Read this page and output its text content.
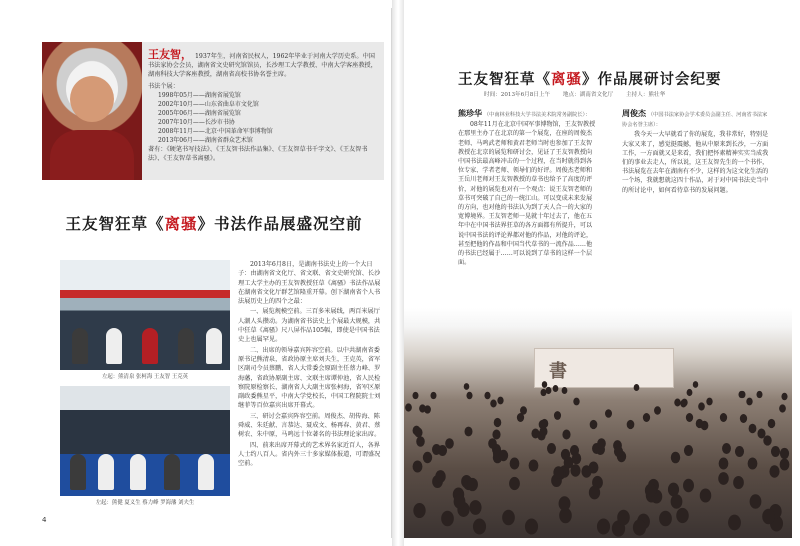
王友智， 1937年生，河南省民权人，1962年毕业于河南大学历史系。中国书法家协会会员，湖南省文史研究馆馆员，长沙理工大学教授、中南大学客座教授，湖南科技大学客座教授，湖南省高校书协名誉主席。
书法个展：
1998年05月——湖南省展览馆
2002年10月——山东省曲阜市文化馆
2005年06月——湖南省展览馆
2007年10月——长沙市书协
2008年11月——北京·中国革命军事博物馆
2013年06月——湖南省群众艺术馆
著有：《硬笔书写技法》、《王友智书法作品集》、《王友智草书千字文》、《王友智书法》、《王友智草书离骚》。
王友智狂草《离骚》书法作品展盛况空前
左起：熊清泉 张柯海 王友智 王克英
左起：熊健 夏义生 蔡力峰 罗海藩 刘夫生

2013年6月8日，是湖南书法史上的一个大日子：由湖南省文化厅、省文联、省文史研究馆、长沙理工大学主办的王友智教授狂草《离骚》书法作品展在湖南省文化厅群艺馆隆重开幕。创下湖南省个人书法展历史上的四个之最：

一、展览规模空前。三百多米展线，两百米展厅人潮人头攒动。为湖南省书法史上个展最大规模，共中狂草《离骚》尺八屏作品105幅，即使是中国书法史上也属罕见。

二、出席的领导嘉宾阵容空前。以中共湖南省委原书记熊清泉，省政协原主席刘夫生，王克英，省军区副司令员蔡鹏、省人大常委会原副主任蔡力峰、罗海藩，省政协原副主席、文联主席谭仲池，省人民检察院原检察长、湖南省人大副主席张柯海，省军区原副政委熊星平，中南大学党校长，中国工程院院士刘继菲等百位嘉宾出席开幕式。

三、研讨会嘉宾阵容空前。周俊杰、胡传海、陈舜威、朱廷献、言恭达、聂成文、杨再春、黄君、蔡树农、朱中原，马鸣远十位著名的书法理论家出席。

四、前来出席开幕式的艺术界名家近百人，各界人士约八百人。省内外三十多家媒体报道，可谓盛况空前。

4
書
王友智狂草《离骚》作品展研讨会纪要
时间：2013年6月8日上午 地点：湖南省文化厅 主持人：熊壮华
熊珍华 （中南林业科技大学书法美术院常务副院长）：

08年11月在北京中国军事博物馆，王友智教授在那里主办了在北京的第一个展览，在座的周俊杰老师、马鸣武老师和黄君老师当时也参加了王友智教授在北京的展览和研讨会，见证了王友智教授向中国书法最高峰冲击的一个过程，在当时就得到各位专家、学者老师、领导们的好评。周俊杰老师和王岳川老师对王友智教授的草书也给予了高度的评价，对他的展览也对有一个观点：说王友智老师的草书可突破了自己的一统江山。可以变成未来发展的方向，也对他的书法认为到了天人合一的大家的宽博境界。王友智老师一晃就十年过去了，他在五年中在中国书法界狂草的各方面都有所提升，可以说中国书法的评论界都对他的作品，对他的评论，甚至把他的作品和中国当代草书的一流作品……他的书法已经属于……可以说到了草书的这样一个层面。

周俊杰 （中国书法家协会学术委员会副主任、河南省书法家协会名誉主席）：

我今天一大早就看了你的展览，我非常好，特别是大家又来了，感觉挺震撼，他从中原来到长沙，一方面工作，一方面就又是来看，我们把怀素精神实实当成我们的事业去走人，所以说，这王友智先生的一个书作，书法展览在去年在湖南有不少，这样的为这文化生活的一个场，我就想就这四十作品，对于对中国书法史当中的所讨论中，如何看待草书的发展问题。
